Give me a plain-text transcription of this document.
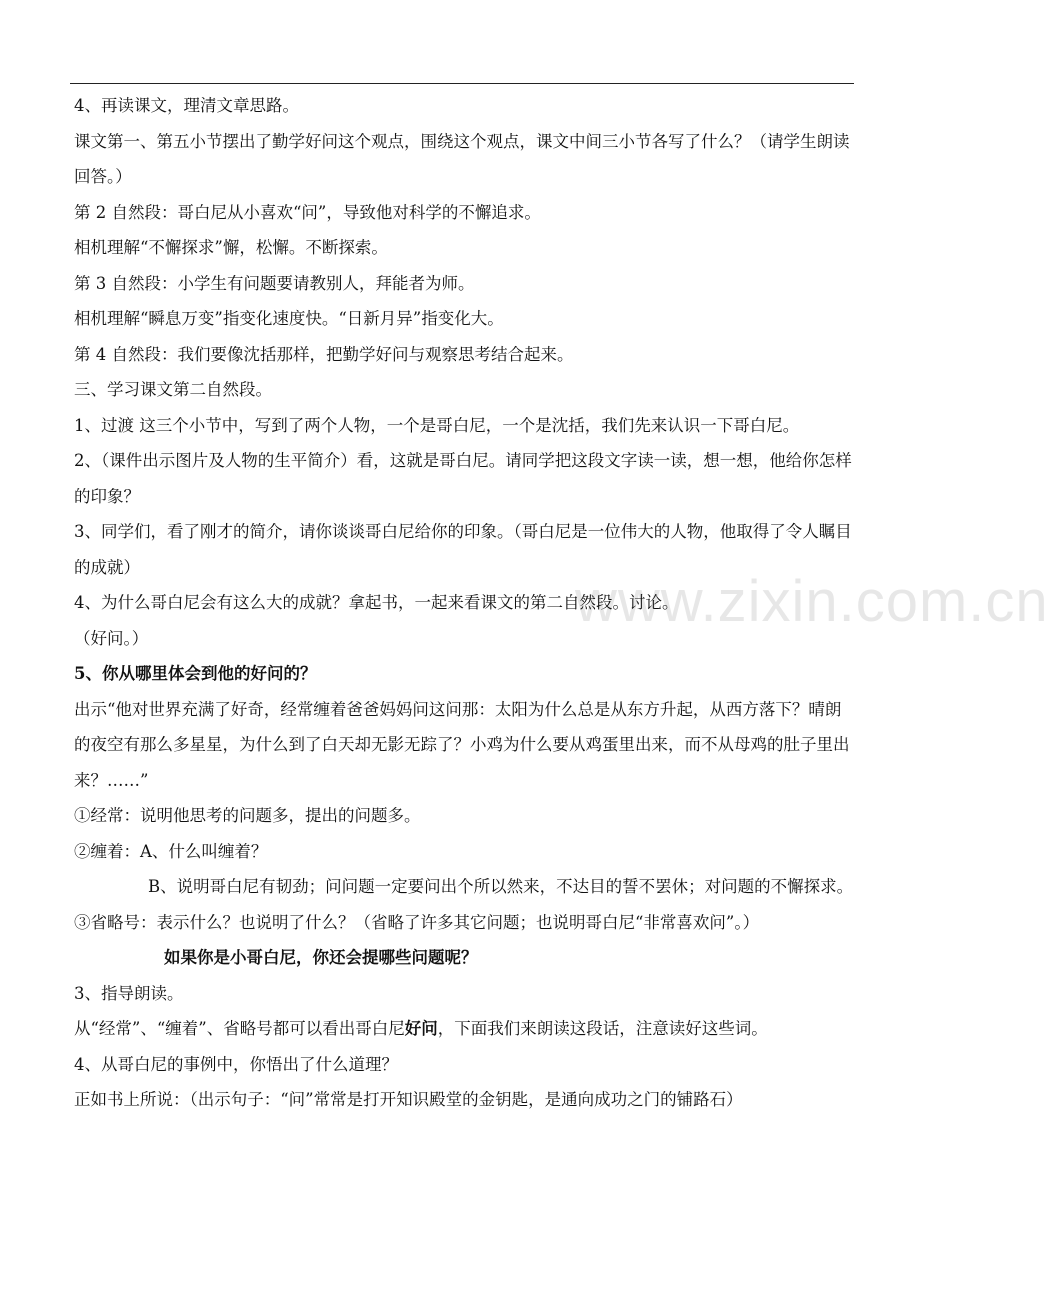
www.zixin.com.cn

4、再读课文，理清文章思路。

课文第一、第五小节摆出了勤学好问这个观点，围绕这个观点，课文中间三小节各写了什么？（请学生朗读回答。）

第 2 自然段：哥白尼从小喜欢“问”，导致他对科学的不懈追求。

相机理解“不懈探求”懈，松懈。不断探索。

第 3 自然段：小学生有问题要请教别人，拜能者为师。

相机理解“瞬息万变”指变化速度快。“日新月异”指变化大。

第 4 自然段：我们要像沈括那样，把勤学好问与观察思考结合起来。

三、学习课文第二自然段。

1、过渡 这三个小节中，写到了两个人物，一个是哥白尼，一个是沈括，我们先来认识一下哥白尼。

2、（课件出示图片及人物的生平简介）看，这就是哥白尼。请同学把这段文字读一读，想一想，他给你怎样的印象？

3、同学们，看了刚才的简介，请你谈谈哥白尼给你的印象。（哥白尼是一位伟大的人物，他取得了令人瞩目的成就）

4、为什么哥白尼会有这么大的成就？拿起书，一起来看课文的第二自然段。讨论。

（好问。）

5、你从哪里体会到他的好问的？

出示“他对世界充满了好奇，经常缠着爸爸妈妈问这问那：太阳为什么总是从东方升起，从西方落下？晴朗的夜空有那么多星星，为什么到了白天却无影无踪了？小鸡为什么要从鸡蛋里出来，而不从母鸡的肚子里出来？……”

①经常：说明他思考的问题多，提出的问题多。

②缠着：A、什么叫缠着？

B、说明哥白尼有韧劲；问问题一定要问出个所以然来，不达目的誓不罢休；对问题的不懈探求。

③省略号：表示什么？也说明了什么？（省略了许多其它问题；也说明哥白尼“非常喜欢问”。）

如果你是小哥白尼，你还会提哪些问题呢？

3、指导朗读。

从“经常”、“缠着”、省略号都可以看出哥白尼好问，下面我们来朗读这段话，注意读好这些词。

4、从哥白尼的事例中，你悟出了什么道理？

正如书上所说：（出示句子：“问”常常是打开知识殿堂的金钥匙，是通向成功之门的铺路石）
